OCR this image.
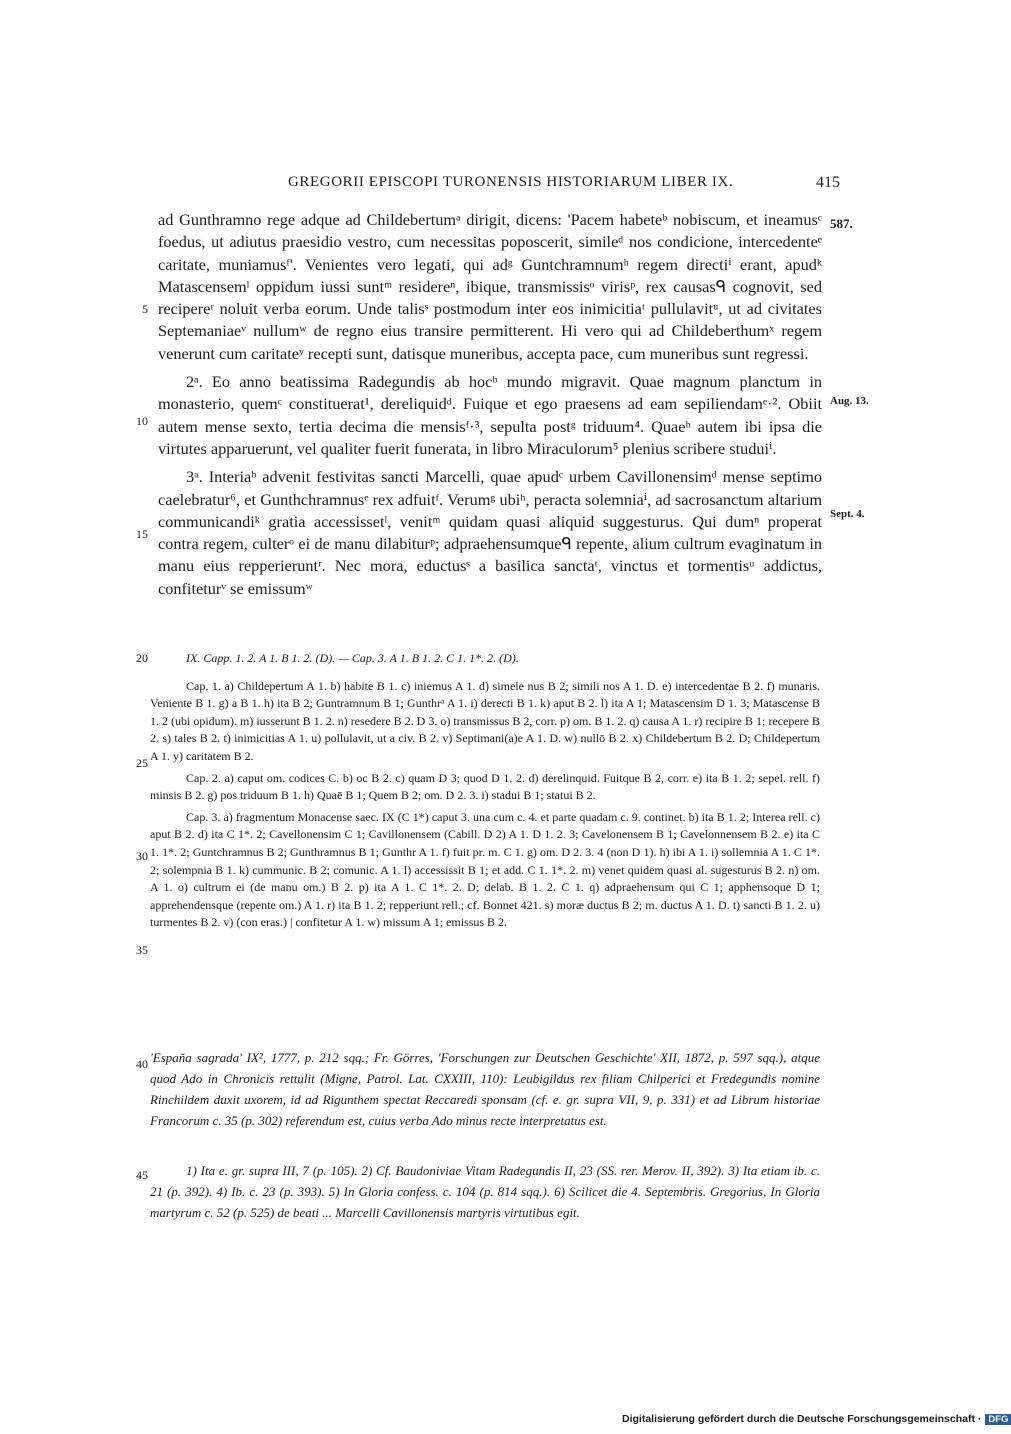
GREGORII EPISCOPI TURONENSIS HISTORIARUM LIBER IX.	415
5
10
15
20
25
30
35
40
45
587.
Aug. 13.
Sept. 4.

ad Gunthramno rege adque ad Childebertumᵃ dirigit, dicens: 'Pacem habeteᵇ nobiscum, et ineamusᶜ foedus, ut adiutus praesidio vestro, cum necessitas poposcerit, simileᵈ nos condicione, intercedenteᵉ caritate, muniamusᶠ'. Venientes vero legati, qui adᵍ Guntchramnumʰ regem directiⁱ erant, apudᵏ Matascensemˡ oppidum iussi suntᵐ residereⁿ, ibique, transmissisᵒ virisᵖ, rex causasᑫ cognovit, sed recipereʳ noluit verba eorum. Unde talisˢ postmodum inter eos inimicitiaᵗ pullulavitᵘ, ut ad civitates Septemaniaeᵛ nullumʷ de regno eius transire permitterent. Hi vero qui ad Childeberthumˣ regem venerunt cum caritateʸ recepti sunt, datisque muneribus, accepta pace, cum muneribus sunt regressi.

2ᵃ. Eo anno beatissima Radegundis ab hocᵇ mundo migravit. Quae magnum planctum in monasterio, quemᶜ constituerat¹, dereliquidᵈ. Fuique et ego praesens ad eam sepiliendamᵉ·². Obiit autem mense sexto, tertia decima die mensisᶠ·³, sepulta postᵍ triduum⁴. Quaeʰ autem ibi ipsa die virtutes apparuerunt, vel qualiter fuerit funerata, in libro Miraculorum⁵ plenius scribere studuiⁱ.

3ᵃ. Interiaᵇ advenit festivitas sancti Marcelli, quae apudᶜ urbem Cavillonensimᵈ mense septimo caelebratur⁶, et Gunthchramnusᵉ rex adfuitᶠ. Verumᵍ ubiʰ, peracta solemniaⁱ, ad sacrosanctum altarium communicandiᵏ gratia accessissetˡ, venitᵐ quidam quasi aliquid suggesturus. Qui dumⁿ properat contra regem, culterᵒ ei de manu dilabiturᵖ; adpraehensumqueᑫ repente, alium cultrum evaginatum in manu eius repperieruntʳ. Nec mora, eductusˢ a basilica sanctaᵗ, vinctus et tormentisᵘ addictus, confiteturᵛ se emissumʷ

IX. Capp. 1. 2. A 1. B 1. 2. (D). — Cap. 3. A 1. B 1. 2. C 1. 1*. 2. (D).

Cap. 1. a) Childepertum A 1. b) habite B 1. c) iniemus A 1. d) simele nus B 2; simili nos A 1. D. e) intercedentae B 2. f) munaris. Veniente B 1. g) a B 1. h) ita B 2; Guntramnum B 1; Gunthrᵃ A 1. i) derecti B 1. k) aput B 2. l) ita A 1; Matascensim D 1. 3; Matascense B 1. 2 (ubi opidum). m) iusserunt B 1. 2. n) resedere B 2. D 3. o) transmissus B 2, corr. p) om. B 1. 2. q) causa A 1. r) recipire B 1; recepere B 2. s) tales B 2. t) inimicitias A 1. u) pollulavit, ut a civ. B 2. v) Septimani(a)e A 1. D. w) nullō B 2. x) Childebertum B 2. D; Childepertum A 1. y) caritatem B 2.

Cap. 2. a) caput om. codices C. b) oc B 2. c) quam D 3; quod D 1. 2. d) derelinquid. Fuitque B 2, corr. e) ita B 1. 2; sepel. rell. f) minsis B 2. g) pos triduum B 1. h) Quaē B 1; Quem B 2; om. D 2. 3. i) stadui B 1; statui B 2.

Cap. 3. a) fragmentum Monacense saec. IX (C 1*) caput 3. una cum c. 4. et parte quadam c. 9. continet. b) ita B 1. 2; Interea rell. c) aput B 2. d) ita C 1*. 2; Cavellonensim C 1; Cavillonensem (Cabill. D 2) A 1. D 1. 2. 3; Cavelonensem B 1; Cavelonnensem B 2. e) ita C 1. 1*. 2; Guntchramnus B 2; Gunthramnus B 1; Gunthr A 1. f) fuit pr. m. C 1. g) om. D 2. 3. 4 (non D 1). h) ibi A 1. i) sollemnia A 1. C 1*. 2; solempnia B 1. k) cummunic. B 2; comunic. A 1. l) accessissit B 1; et add. C 1. 1*. 2. m) venet quidem quasi al. sugesturus B 2. n) om. A 1. o) cultrum ei (de manu om.) B 2. p) ita A 1. C 1*. 2. D; delab. B 1. 2. C 1. q) adpraehensum qui C 1; apphensoque D 1; apprehendensque (repente om.) A 1. r) ita B 1. 2; repperiunt rell.; cf. Bonnet 421. s) moræ ductus B 2; m. ductus A 1. D. t) sancti B 1. 2. u) turmentes B 2. v) (con eras.) | confitetur A 1. w) missum A 1; emissus B 2.

'España sagrada' IX², 1777, p. 212 sqq.; Fr. Görres, 'Forschungen zur Deutschen Geschichte' XII, 1872, p. 597 sqq.), atque quod Ado in Chronicis rettulit (Migne, Patrol. Lat. CXXIII, 110): Leubigildus rex filiam Chilperici et Fredegundis nomine Rinchildem duxit uxorem, id ad Rigunthem spectat Reccaredi sponsam (cf. e. gr. supra VII, 9, p. 331) et ad Librum historiae Francorum c. 35 (p. 302) referendum est, cuius verba Ado minus recte interpretatus est.

1) Ita e. gr. supra III, 7 (p. 105). 2) Cf. Baudoniviae Vitam Radegundis II, 23 (SS. rer. Merov. II, 392). 3) Ita etiam ib. c. 21 (p. 392). 4) Ib. c. 23 (p. 393). 5) In Gloria confess. c. 104 (p. 814 sqq.). 6) Scilicet die 4. Septembris. Gregorius, In Gloria martyrum c. 52 (p. 525) de beati ... Marcelli Cavillonensis martyris virtutibus egit.

Digitalisierung gefördert durch die Deutsche Forschungsgemeinschaft · DFG
